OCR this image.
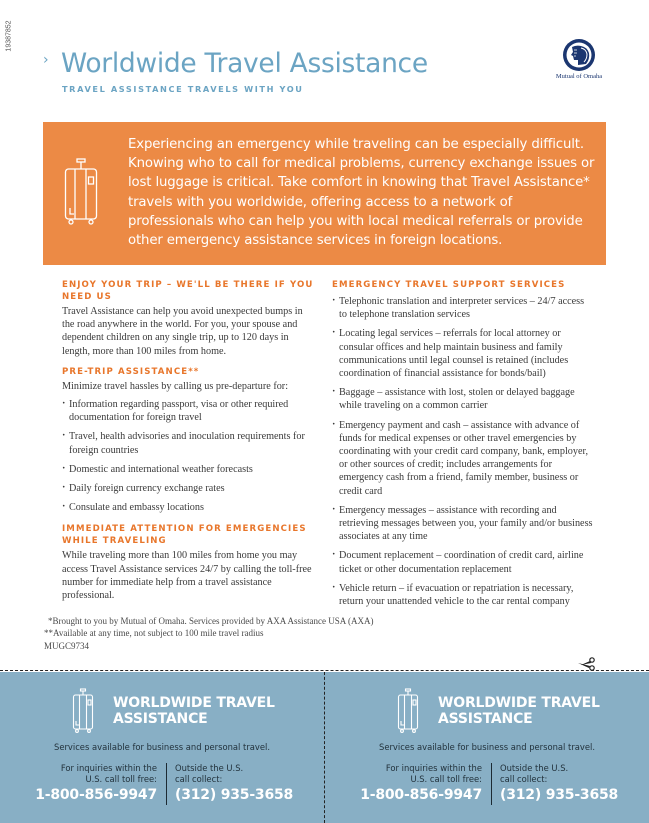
19387852
› Worldwide Travel Assistance
TRAVEL ASSISTANCE TRAVELS WITH YOU
Mutual of Omaha

Experiencing an emergency while traveling can be especially difficult. Knowing who to call for medical problems, currency exchange issues or lost luggage is critical. Take comfort in knowing that Travel Assistance* travels with you worldwide, offering access to a network of professionals who can help you with local medical referrals or provide other emergency assistance services in foreign locations.

ENJOY YOUR TRIP – WE'LL BE THERE IF YOU NEED US

Travel Assistance can help you avoid unexpected bumps in the road anywhere in the world. For you, your spouse and dependent children on any single trip, up to 120 days in length, more than 100 miles from home.

PRE-TRIP ASSISTANCE**

Minimize travel hassles by calling us pre-departure for:

· Information regarding passport, visa or other required documentation for foreign travel
· Travel, health advisories and inoculation requirements for foreign countries
· Domestic and international weather forecasts
· Daily foreign currency exchange rates
· Consulate and embassy locations
IMMEDIATE ATTENTION FOR EMERGENCIES WHILE TRAVELING

While traveling more than 100 miles from home you may access Travel Assistance services 24/7 by calling the toll-free number for immediate help from a travel assistance professional.

EMERGENCY TRAVEL SUPPORT SERVICES
· Telephonic translation and interpreter services – 24/7 access to telephone translation services
· Locating legal services – referrals for local attorney or consular offices and help maintain business and family communications until legal counsel is retained (includes coordination of financial assistance for bonds/bail)
· Baggage – assistance with lost, stolen or delayed baggage while traveling on a common carrier
· Emergency payment and cash – assistance with advance of funds for medical expenses or other travel emergencies by coordinating with your credit card company, bank, employer, or other sources of credit; includes arrangements for emergency cash from a friend, family member, business or credit card
· Emergency messages – assistance with recording and retrieving messages between you, your family and/or business associates at any time
· Document replacement – coordination of credit card, airline ticket or other documentation replacement
· Vehicle return – if evacuation or repatriation is necessary, return your unattended vehicle to the car rental company
*Brought to you by Mutual of Omaha. Services provided by AXA Assistance USA (AXA)
**Available at any time, not subject to 100 mile travel radius
MUGC9734
WORLDWIDE TRAVEL
ASSISTANCE
Services available for business and personal travel.
For inquiries within the
U.S. call toll free:
1-800-856-9947
Outside the U.S.
call collect:
(312) 935-3658
WORLDWIDE TRAVEL
ASSISTANCE
Services available for business and personal travel.
For inquiries within the
U.S. call toll free:
1-800-856-9947
Outside the U.S.
call collect:
(312) 935-3658
